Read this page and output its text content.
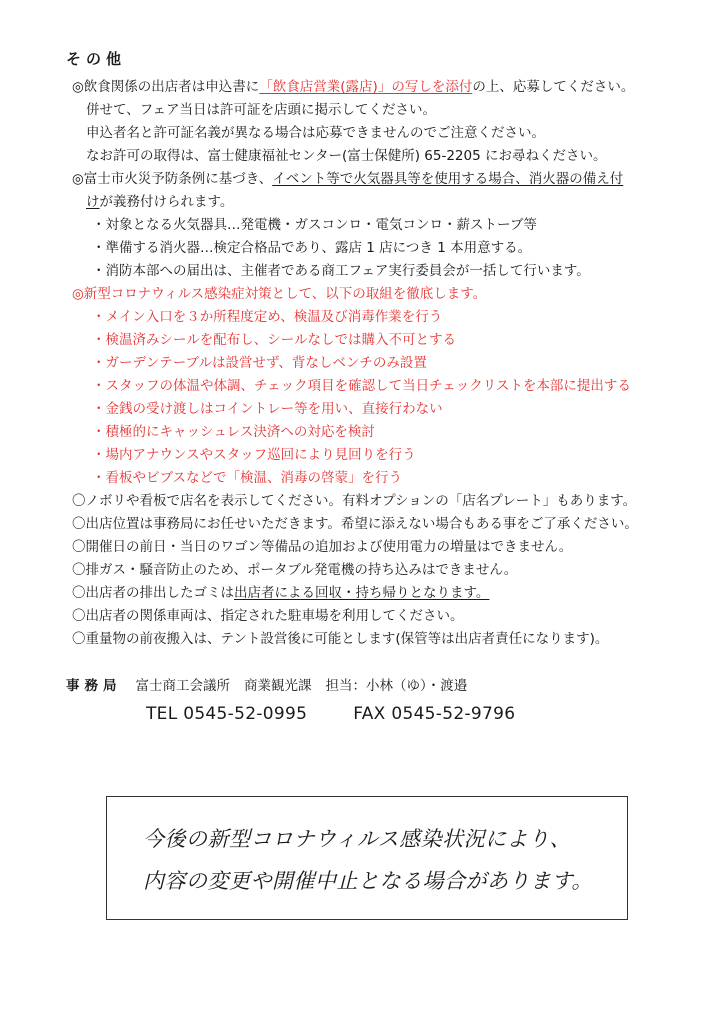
その他
◎飲食関係の出店者は申込書に「飲食店営業(露店)」の写しを添付の上、応募してください。
併せて、フェア当日は許可証を店頭に掲示してください。
申込者名と許可証名義が異なる場合は応募できませんのでご注意ください。
なお許可の取得は、富士健康福祉センター(富士保健所) 65-2205 にお尋ねください。
◎富士市火災予防条例に基づき、イベント等で火気器具等を使用する場合、消火器の備え付
けが義務付けられます。
・対象となる火気器具…発電機・ガスコンロ・電気コンロ・薪ストーブ等
・準備する消火器…検定合格品であり、露店 1 店につき 1 本用意する。
・消防本部への届出は、主催者である商工フェア実行委員会が一括して行います。
◎新型コロナウィルス感染症対策として、以下の取組を徹底します。
・メイン入口を３か所程度定め、検温及び消毒作業を行う
・検温済みシールを配布し、シールなしでは購入不可とする
・ガーデンテーブルは設営せず、背なしベンチのみ設置
・スタッフの体温や体調、チェック項目を確認して当日チェックリストを本部に提出する
・金銭の受け渡しはコイントレー等を用い、直接行わない
・積極的にキャッシュレス決済への対応を検討
・場内アナウンスやスタッフ巡回により見回りを行う
・看板やビブスなどで「検温、消毒の啓蒙」を行う
〇ノボリや看板で店名を表示してください。有料オプションの「店名プレート」もあります。
〇出店位置は事務局にお任せいただきます。希望に添えない場合もある事をご了承ください。
〇開催日の前日・当日のワゴン等備品の追加および使用電力の増量はできません。
〇排ガス・騒音防止のため、ポータブル発電機の持ち込みはできません。
〇出店者の排出したゴミは出店者による回収・持ち帰りとなります。
〇出店者の関係車両は、指定された駐車場を利用してください。
〇重量物の前夜搬入は、テント設営後に可能とします(保管等は出店者責任になります)。
事務局 富士商工会議所 商業観光課 担当：小林（ゆ）・渡邉
TEL 0545-52-0995	FAX 0545-52-9796
今後の新型コロナウィルス感染状況により、
内容の変更や開催中止となる場合があります。
